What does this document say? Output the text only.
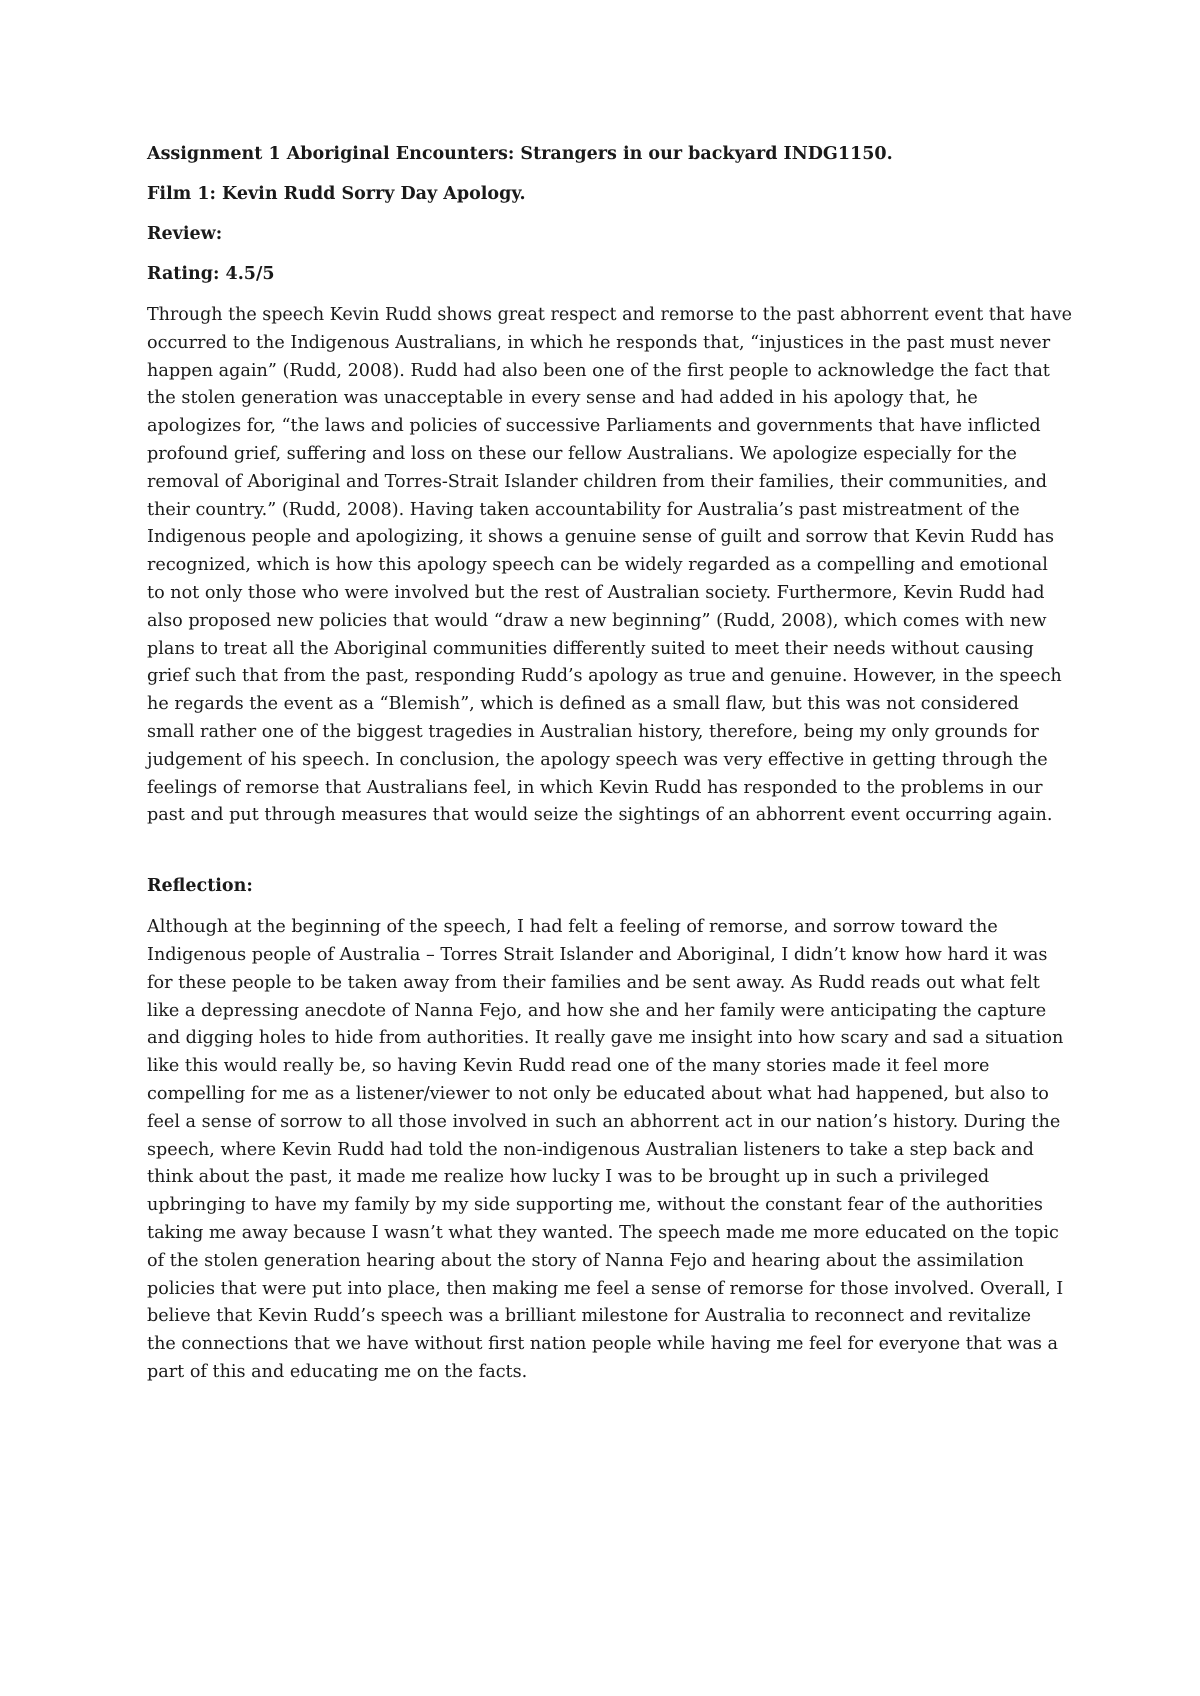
Assignment 1 Aboriginal Encounters: Strangers in our backyard INDG1150.

Film 1: Kevin Rudd Sorry Day Apology.

Review:

Rating: 4.5/5

Through the speech Kevin Rudd shows great respect and remorse to the past abhorrent event that have
occurred to the Indigenous Australians, in which he responds that, “injustices in the past must never
happen again” (Rudd, 2008). Rudd had also been one of the first people to acknowledge the fact that
the stolen generation was unacceptable in every sense and had added in his apology that, he
apologizes for, “the laws and policies of successive Parliaments and governments that have inflicted
profound grief, suffering and loss on these our fellow Australians. We apologize especially for the
removal of Aboriginal and Torres-Strait Islander children from their families, their communities, and
their country.” (Rudd, 2008). Having taken accountability for Australia’s past mistreatment of the
Indigenous people and apologizing, it shows a genuine sense of guilt and sorrow that Kevin Rudd has
recognized, which is how this apology speech can be widely regarded as a compelling and emotional
to not only those who were involved but the rest of Australian society. Furthermore, Kevin Rudd had
also proposed new policies that would “draw a new beginning” (Rudd, 2008), which comes with new
plans to treat all the Aboriginal communities differently suited to meet their needs without causing
grief such that from the past, responding Rudd’s apology as true and genuine. However, in the speech
he regards the event as a “Blemish”, which is defined as a small flaw, but this was not considered
small rather one of the biggest tragedies in Australian history, therefore, being my only grounds for
judgement of his speech. In conclusion, the apology speech was very effective in getting through the
feelings of remorse that Australians feel, in which Kevin Rudd has responded to the problems in our
past and put through measures that would seize the sightings of an abhorrent event occurring again.

Reflection:

Although at the beginning of the speech, I had felt a feeling of remorse, and sorrow toward the
Indigenous people of Australia – Torres Strait Islander and Aboriginal, I didn’t know how hard it was
for these people to be taken away from their families and be sent away. As Rudd reads out what felt
like a depressing anecdote of Nanna Fejo, and how she and her family were anticipating the capture
and digging holes to hide from authorities. It really gave me insight into how scary and sad a situation
like this would really be, so having Kevin Rudd read one of the many stories made it feel more
compelling for me as a listener/viewer to not only be educated about what had happened, but also to
feel a sense of sorrow to all those involved in such an abhorrent act in our nation’s history. During the
speech, where Kevin Rudd had told the non-indigenous Australian listeners to take a step back and
think about the past, it made me realize how lucky I was to be brought up in such a privileged
upbringing to have my family by my side supporting me, without the constant fear of the authorities
taking me away because I wasn’t what they wanted. The speech made me more educated on the topic
of the stolen generation hearing about the story of Nanna Fejo and hearing about the assimilation
policies that were put into place, then making me feel a sense of remorse for those involved. Overall, I
believe that Kevin Rudd’s speech was a brilliant milestone for Australia to reconnect and revitalize
the connections that we have without first nation people while having me feel for everyone that was a
part of this and educating me on the facts.
